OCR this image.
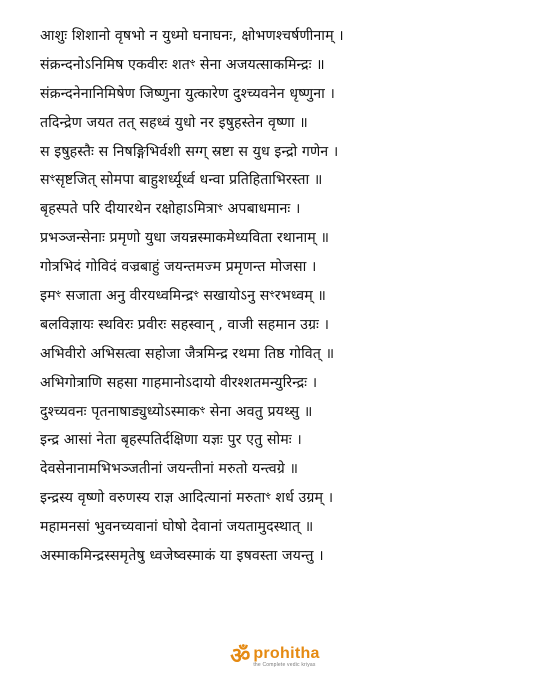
आशुः शिशानो वृषभो न युध्मो घनाघनः, क्षोभणश्चर्षणीनाम् ।
संक्रन्दनोऽनिमिष एकवीरः शतꣳ सेना अजयत्साकमिन्द्रः ॥
संक्रन्दनेनानिमिषेण जिष्णुना युत्कारेण दुश्च्यवनेन धृष्णुना ।
तदिन्द्रेण जयत तत् सहध्वं युधो नर इषुहस्तेन वृष्णा ॥
स इषुहस्तैः स निषङ्गिभिर्वशी सग्ग् स्रष्टा स युध इन्द्रो गणेन ।
सꣳसृष्टजित् सोमपा बाहुशर्ध्यूर्ध्व धन्वा प्रतिहिताभिरस्ता ॥
बृहस्पते परि दीयारथेन रक्षोहाऽमित्राꣳ अपबाधमानः ।
प्रभञ्जन्सेनाः प्रमृणो युधा जयन्नस्माकमेध्यविता रथानाम् ॥
गोत्रभिदं गोविदं वज्रबाहुं जयन्तमज्म प्रमृणन्त मोजसा ।
इमꣳ सजाता अनु वीरयध्वमिन्द्रꣳ सखायोऽनु सꣳरभध्वम् ॥
बलविज्ञायः स्थविरः प्रवीरः सहस्वान् , वाजी सहमान उग्रः ।
अभिवीरो अभिसत्वा सहोजा जैत्रमिन्द्र रथमा तिष्ठ गोवित् ॥
अभिगोत्राणि सहसा गाहमानोऽदायो वीरश्शतमन्युरिन्द्रः ।
दुश्च्यवनः पृतनाषाड्युध्योऽस्माकꣳ सेना अवतु प्रयथ्सु ॥
इन्द्र आसां नेता बृहस्पतिर्दक्षिणा यज्ञः पुर एतु सोमः ।
देवसेनानामभिभञ्जतीनां जयन्तीनां मरुतो यन्त्वग्रे ॥
इन्द्रस्य वृष्णो वरुणस्य राज्ञ आदित्यानां मरुताꣳ शर्ध उग्रम् ।
महामनसां भुवनच्यवानां घोषो देवानां जयतामुदस्थात् ॥
अस्माकमिन्द्रस्समृतेषु ध्वजेष्वस्माकं या इषवस्ता जयन्तु ।
ॐ prohitha
the Complete vedic kriyas
